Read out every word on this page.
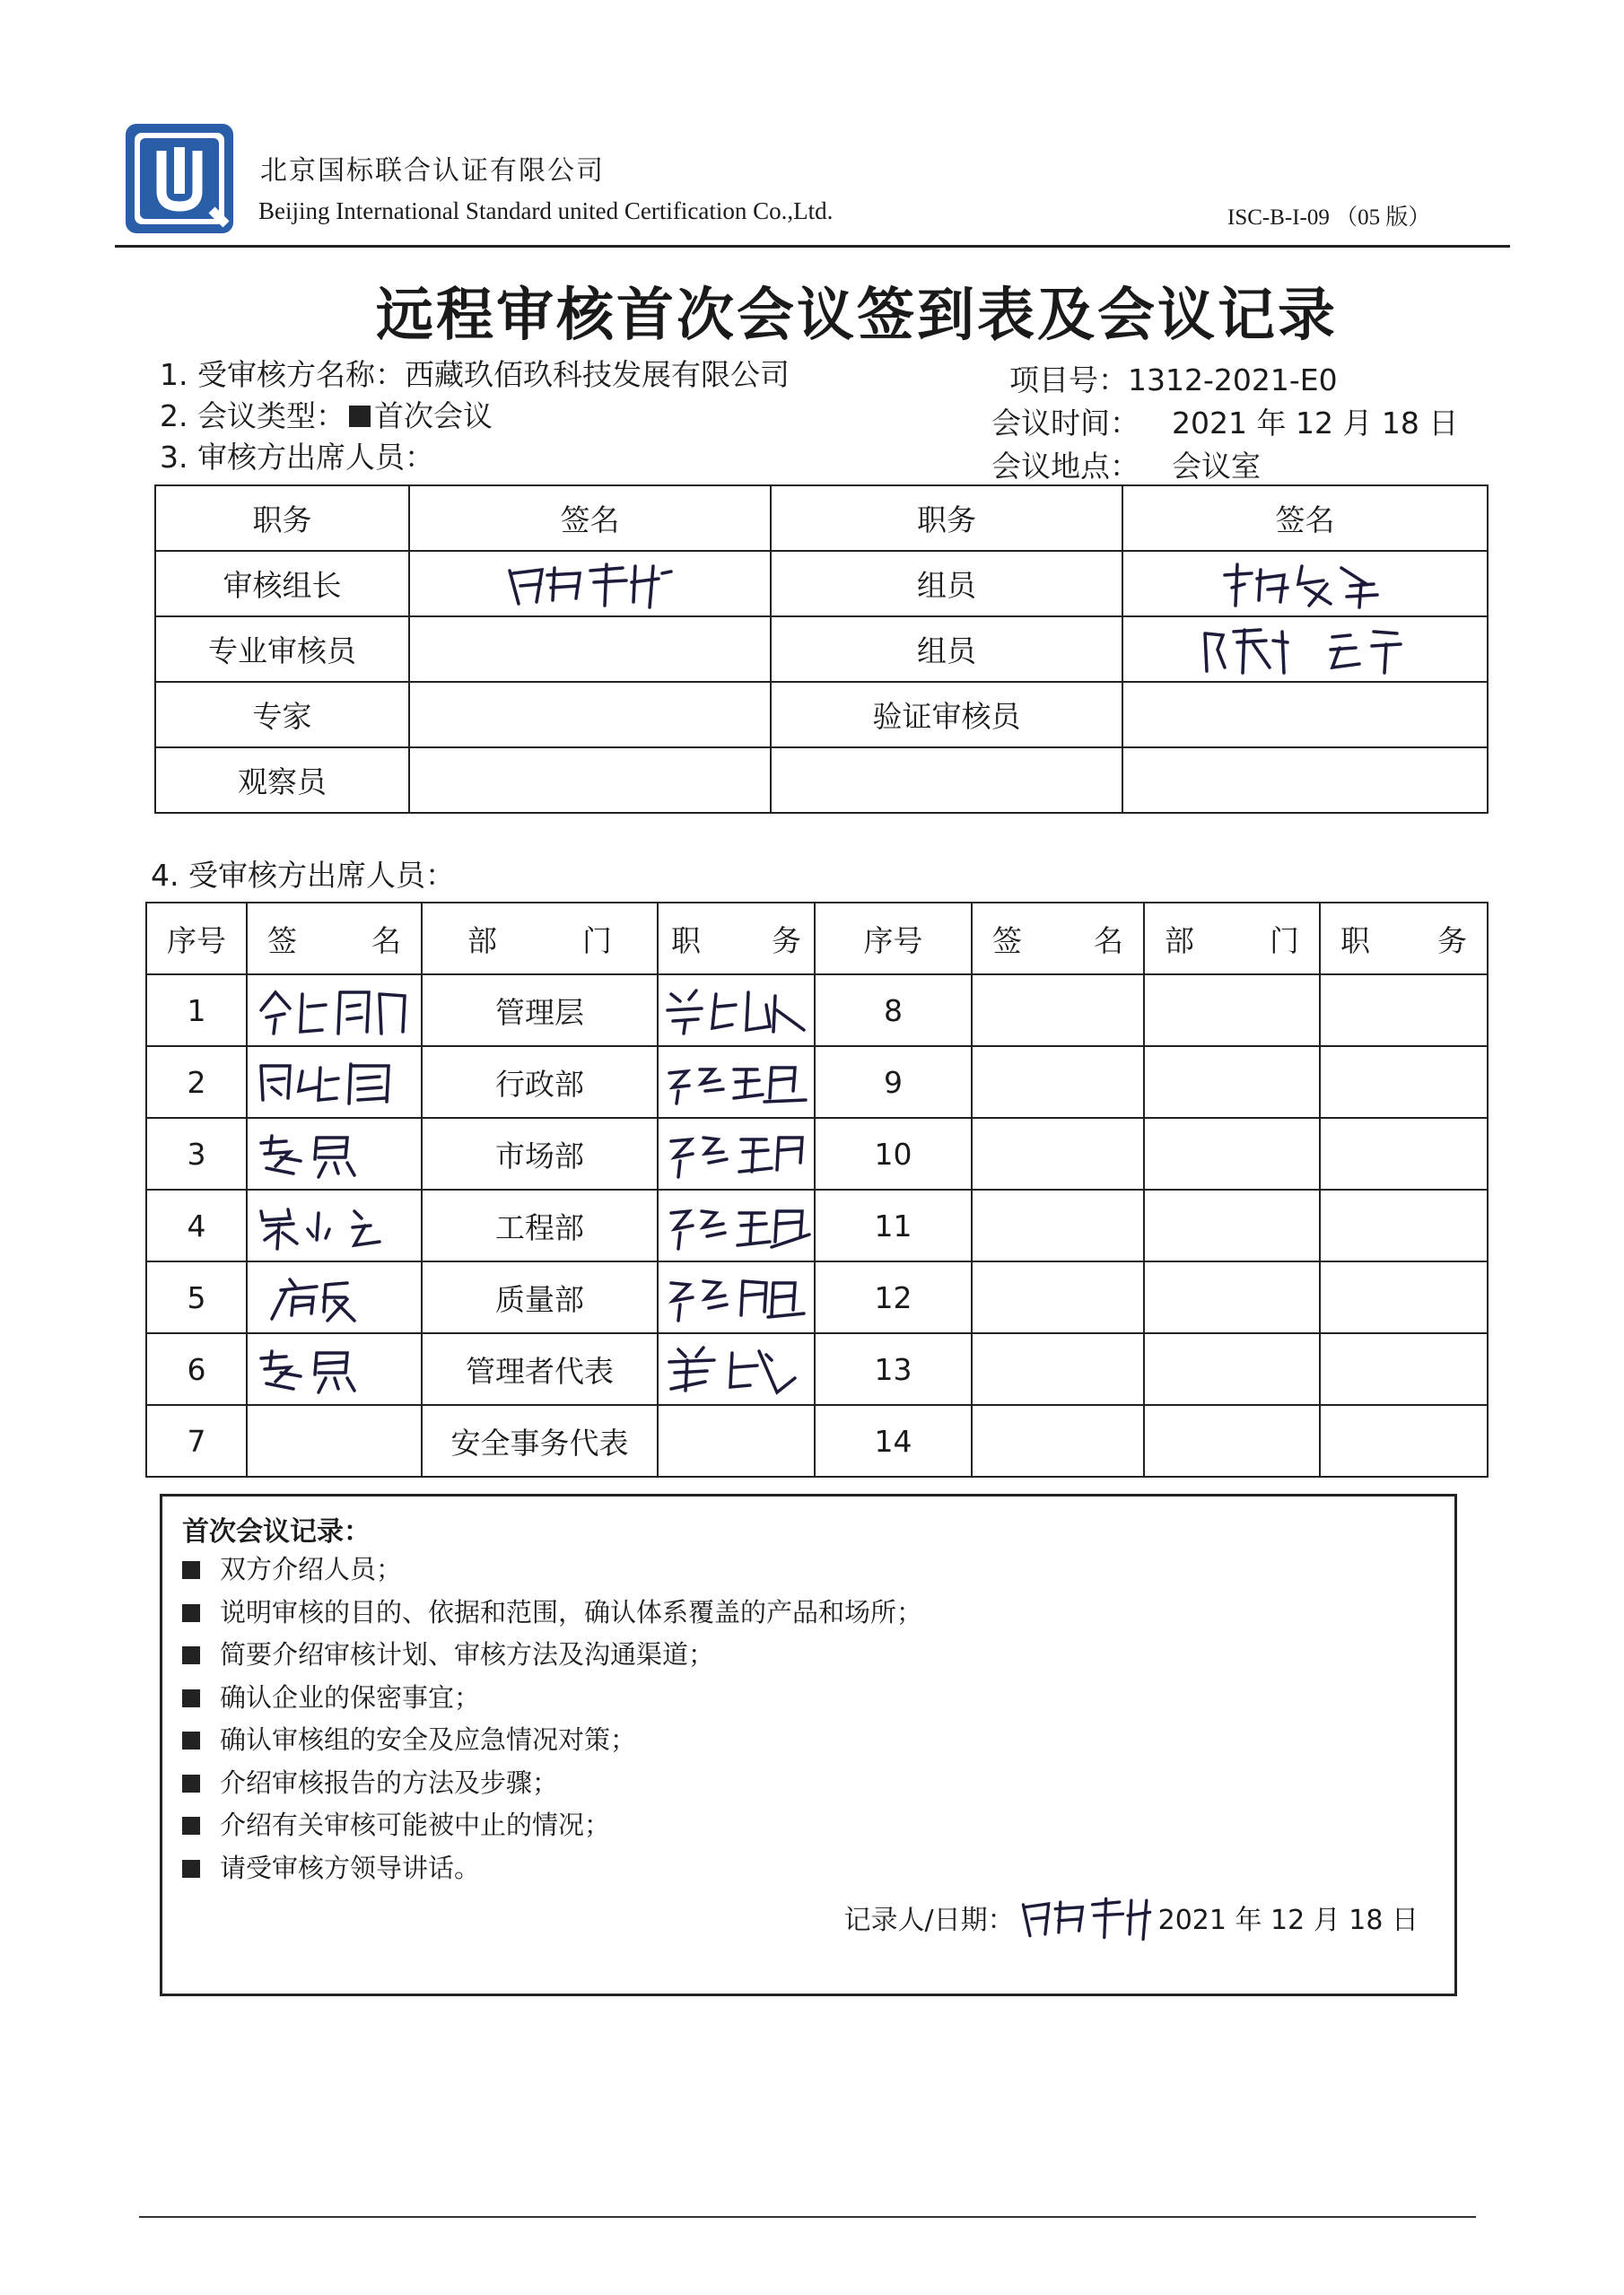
北京国标联合认证有限公司
Beijing International Standard united Certification Co.,Ltd.	ISC-B-I-09 （05 版）
远程审核首次会议签到表及会议记录
1. 受审核方名称：西藏玖佰玖科技发展有限公司	项目号：1312-2021-E0
2. 会议类型： 首次会议	会议时间： 2021 年 12 月 18 日
3. 审核方出席人员：	会议地点： 会议室
职务	签名	职务	签名
审核组长		组员	

专业审核员		组员	

专家		验证审核员	
观察员			
4. 受审核方出席人员：
序号	签 名	部 门	职 务	序号	签 名	部 门	职 务

1		管理层		8			
2		行政部		9			
3		市场部		10			
4		工程部		11			
5		质量部		12			
6		管理者代表		13			
7		安全事务代表		14			
首次会议记录：
双方介绍人员；
说明审核的目的、依据和范围，确认体系覆盖的产品和场所；
简要介绍审核计划、审核方法及沟通渠道；
确认企业的保密事宜；
确认审核组的安全及应急情况对策；
介绍审核报告的方法及步骤；
介绍有关审核可能被中止的情况；
请受审核方领导讲话。
记录人/日期：	2021 年 12 月 18 日
